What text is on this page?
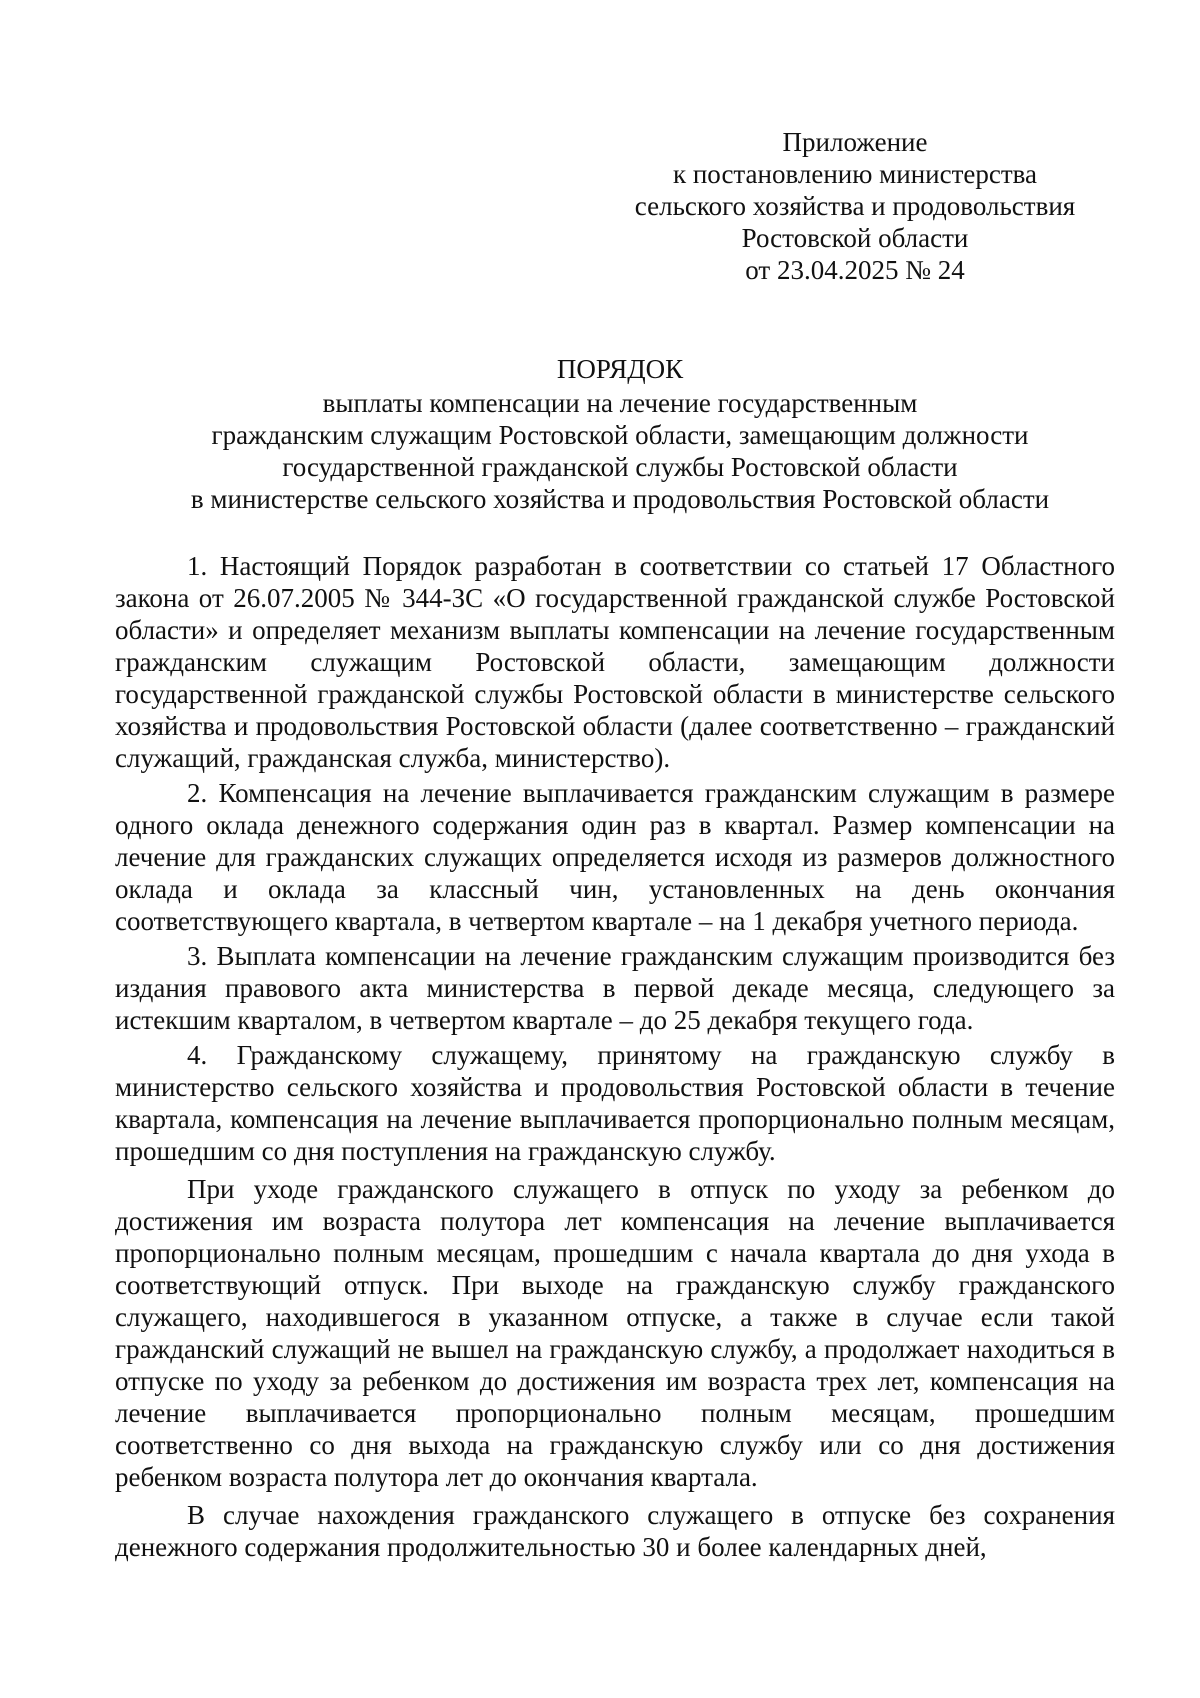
Приложение
к постановлению министерства
сельского хозяйства и продовольствия
Ростовской области
от 23.04.2025 № 24
ПОРЯДОК
выплаты компенсации на лечение государственным
гражданским служащим Ростовской области, замещающим должности
государственной гражданской службы Ростовской области
в министерстве сельского хозяйства и продовольствия Ростовской области

1. Настоящий Порядок разработан в соответствии со статьей 17 Областного закона от 26.07.2005 № 344-ЗС «О государственной гражданской службе Ростовской области» и определяет механизм выплаты компенсации на лечение государственным гражданским служащим Ростовской области, замещающим должности государственной гражданской службы Ростовской области в министерстве сельского хозяйства и продовольствия Ростовской области (далее соответственно – гражданский служащий, гражданская служба, министерство).

2. Компенсация на лечение выплачивается гражданским служащим в размере одного оклада денежного содержания один раз в квартал. Размер компенсации на лечение для гражданских служащих определяется исходя из размеров должностного оклада и оклада за классный чин, установленных на день окончания соответствующего квартала, в четвертом квартале – на 1 декабря учетного периода.

3. Выплата компенсации на лечение гражданским служащим производится без издания правового акта министерства в первой декаде месяца, следующего за истекшим кварталом, в четвертом квартале – до 25 декабря текущего года.

4. Гражданскому служащему, принятому на гражданскую службу в министерство сельского хозяйства и продовольствия Ростовской области в течение квартала, компенсация на лечение выплачивается пропорционально полным месяцам, прошедшим со дня поступления на гражданскую службу.

При уходе гражданского служащего в отпуск по уходу за ребенком до достижения им возраста полутора лет компенсация на лечение выплачивается пропорционально полным месяцам, прошедшим с начала квартала до дня ухода в соответствующий отпуск. При выходе на гражданскую службу гражданского служащего, находившегося в указанном отпуске, а также в случае если такой гражданский служащий не вышел на гражданскую службу, а продолжает находиться в отпуске по уходу за ребенком до достижения им возраста трех лет, компенсация на лечение выплачивается пропорционально полным месяцам, прошедшим соответственно со дня выхода на гражданскую службу или со дня достижения ребенком возраста полутора лет до окончания квартала.

В случае нахождения гражданского служащего в отпуске без сохранения денежного содержания продолжительностью 30 и более календарных дней,
